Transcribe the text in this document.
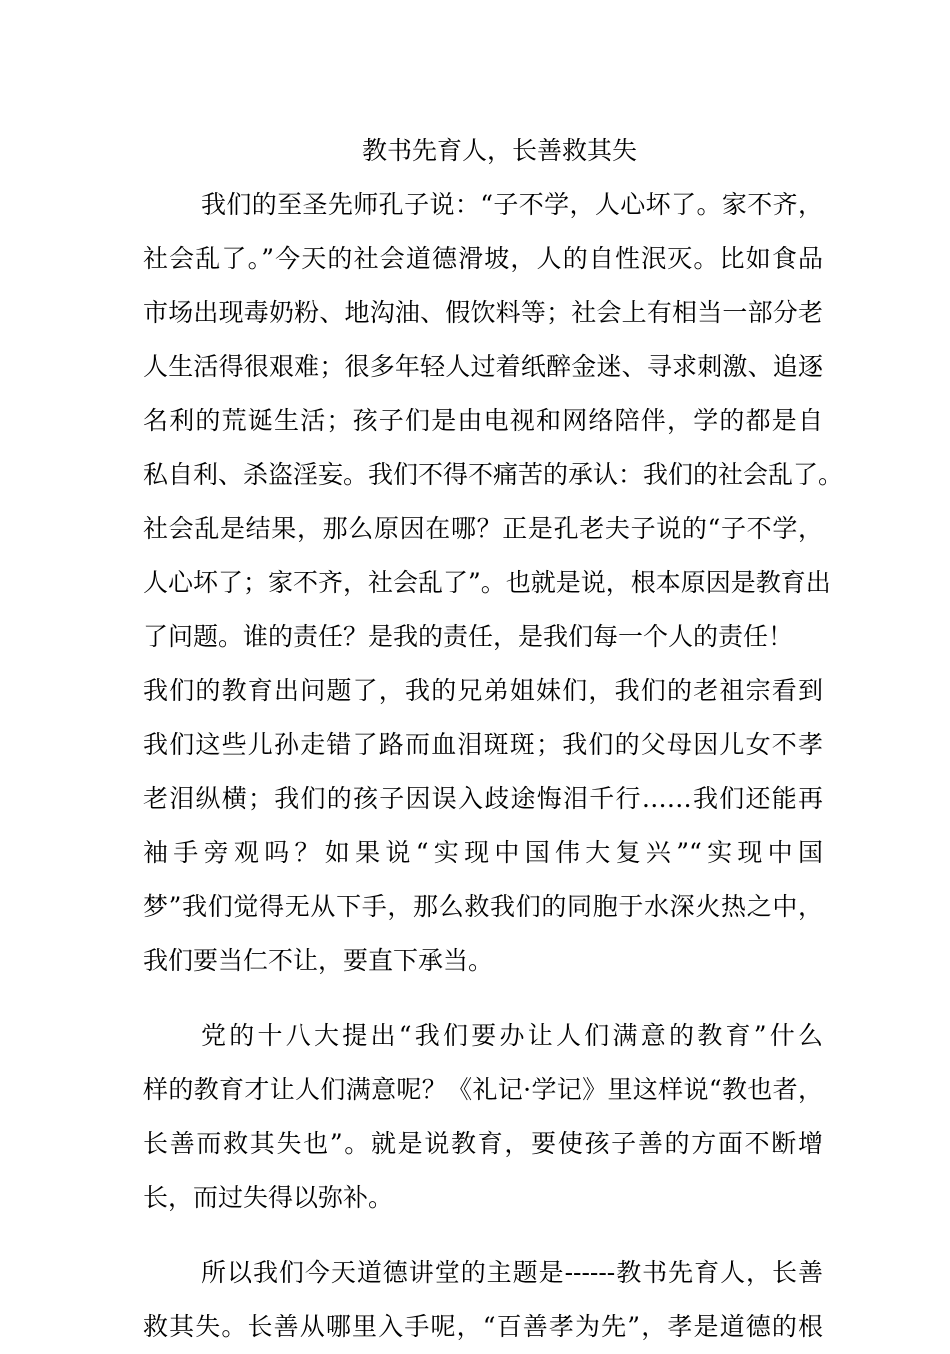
教书先育人，长善救其失
我们的至圣先师孔子说：“子不学，人心坏了。家不齐，
社会乱了。”今天的社会道德滑坡，人的自性泯灭。比如食品
市场出现毒奶粉、地沟油、假饮料等；社会上有相当一部分老
人生活得很艰难；很多年轻人过着纸醉金迷、寻求刺激、追逐
名利的荒诞生活；孩子们是由电视和网络陪伴，学的都是自
私自利、杀盗淫妄。我们不得不痛苦的承认：我们的社会乱了。
社会乱是结果，那么原因在哪？正是孔老夫子说的“子不学，
人心坏了；家不齐，社会乱了”。也就是说，根本原因是教育出
了问题。谁的责任？是我的责任，是我们每一个人的责任！
我们的教育出问题了，我的兄弟姐妹们，我们的老祖宗看到
我们这些儿孙走错了路而血泪斑斑；我们的父母因儿女不孝
老泪纵横；我们的孩子因误入歧途悔泪千行……我们还能再
袖手旁观吗？如果说“实现中国伟大复兴”“实现中国
梦”我们觉得无从下手，那么救我们的同胞于水深火热之中，
我们要当仁不让，要直下承当。
党的十八大提出“我们要办让人们满意的教育”什么
样的教育才让人们满意呢？《礼记·学记》里这样说“教也者，
长善而救其失也”。就是说教育，要使孩子善的方面不断增
长，而过失得以弥补。
所以我们今天道德讲堂的主题是------教书先育人，长善
救其失。长善从哪里入手呢，“百善孝为先”，孝是道德的根
